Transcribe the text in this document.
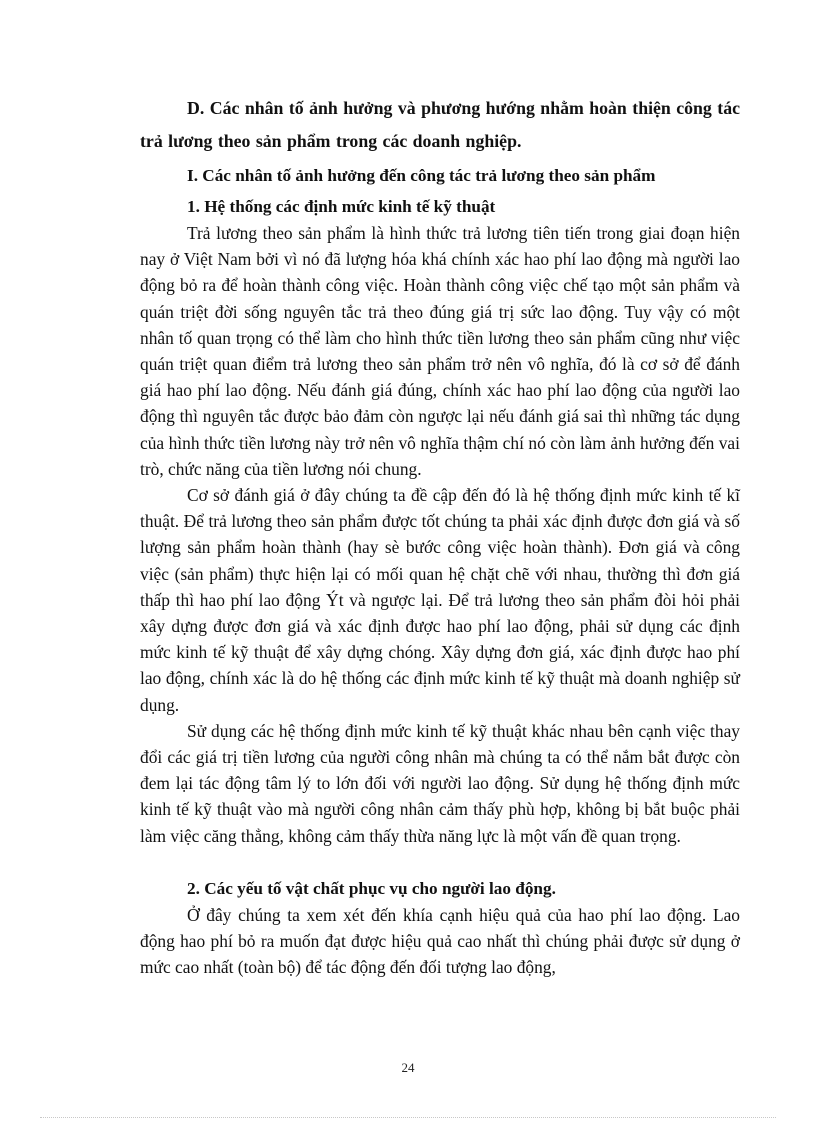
D. Các nhân tố ảnh hưởng và phương hướng nhằm hoàn thiện công tác trả lương theo sản phẩm trong các doanh nghiệp.
I. Các nhân tố ảnh hưởng đến công tác trả lương theo sản phẩm
1. Hệ thống các định mức kinh tế kỹ thuật

Trả lương theo sản phẩm là hình thức trả lương tiên tiến trong giai đoạn hiện nay ở Việt Nam bởi vì nó đã lượng hóa khá chính xác hao phí lao động mà người lao động bỏ ra để hoàn thành công việc. Hoàn thành công việc chế tạo một sản phẩm và quán triệt đời sống nguyên tắc trả theo đúng giá trị sức lao động. Tuy vậy có một nhân tố quan trọng có thể làm cho hình thức tiền lương theo sản phẩm cũng như việc quán triệt quan điểm trả lương theo sản phẩm trở nên vô nghĩa, đó là cơ sở để đánh giá hao phí lao động. Nếu đánh giá đúng, chính xác hao phí lao động của người lao động thì nguyên tắc được bảo đảm còn ngược lại nếu đánh giá sai thì những tác dụng của hình thức tiền lương này trở nên vô nghĩa thậm chí nó còn làm ảnh hưởng đến vai trò, chức năng của tiền lương nói chung.

Cơ sở đánh giá ở đây chúng ta đề cập đến đó là hệ thống định mức kinh tế kĩ thuật. Để trả lương theo sản phẩm được tốt chúng ta phải xác định được đơn giá và số lượng sản phẩm hoàn thành (hay sè bước công việc hoàn thành). Đơn giá và công việc (sản phẩm) thực hiện lại có mối quan hệ chặt chẽ với nhau, thường thì đơn giá thấp thì hao phí lao động Ýt và ngược lại. Để trả lương theo sản phẩm đòi hỏi phải xây dựng được đơn giá và xác định được hao phí lao động, phải sử dụng các định mức kinh tế kỹ thuật để xây dựng chóng. Xây dựng đơn giá, xác định được hao phí lao động, chính xác là do hệ thống các định mức kinh tế kỹ thuật mà doanh nghiệp sử dụng.

Sử dụng các hệ thống định mức kinh tế kỹ thuật khác nhau bên cạnh việc thay đổi các giá trị tiền lương của người công nhân mà chúng ta có thể nắm bắt được còn đem lại tác động tâm lý to lớn đối với người lao động. Sử dụng hệ thống định mức kinh tế kỹ thuật vào mà người công nhân cảm thấy phù hợp, không bị bắt buộc phải làm việc căng thẳng, không cảm thấy thừa năng lực là một vấn đề quan trọng.

2. Các yếu tố vật chất phục vụ cho người lao động.

Ở đây chúng ta xem xét đến khía cạnh hiệu quả của hao phí lao động. Lao động hao phí bỏ ra muốn đạt được hiệu quả cao nhất thì chúng phải được sử dụng ở mức cao nhất (toàn bộ) để tác động đến đối tượng lao động,

24
